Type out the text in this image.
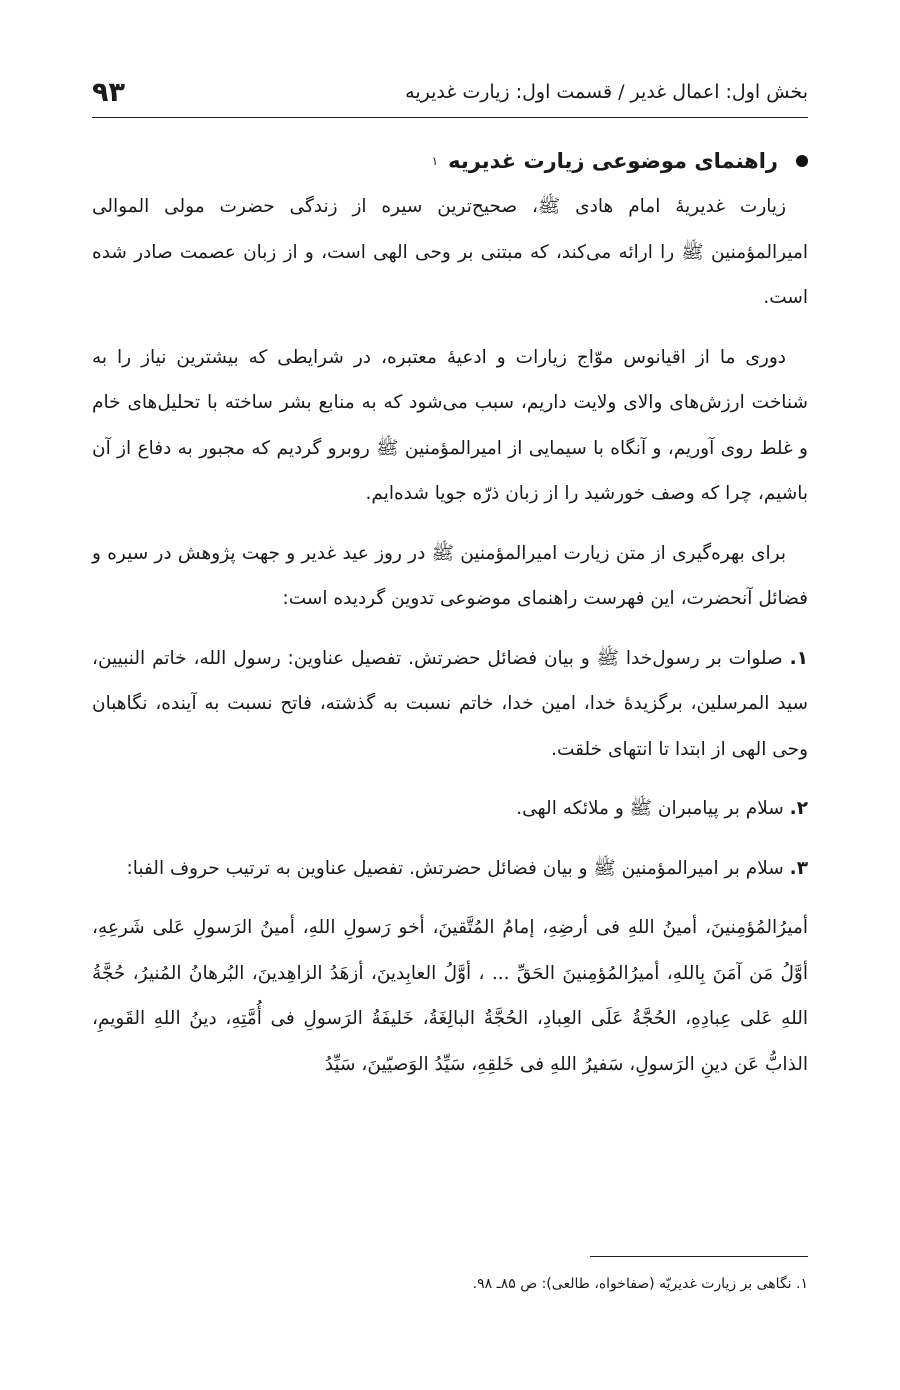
بخش اول: اعمال غدیر / قسمت اول: زیارت غدیریه
۹۳
راهنمای موضوعی زیارت غدیریه
۱

زیارت غدیریهٔ امام هادی ﷺ، صحیح‌ترین سیره از زندگی حضرت مولی الموالی امیرالمؤمنین ﷺ را ارائه می‌کند، که مبتنی بر وحی الهی است، و از زبان عصمت صادر شده است.

دوری ما از اقیانوس موّاج زیارات و ادعیهٔ معتبره، در شرایطی که بیشترین نیاز را به شناخت ارزش‌های والای ولایت داریم، سبب می‌شود که به منابع بشر ساخته با تحلیل‌های خام و غلط روی آوریم، و آنگاه با سیمایی از امیرالمؤمنین ﷺ روبرو گردیم که مجبور به دفاع از آن باشیم، چرا که وصف خورشید را از زبان ذرّه جویا شده‌ایم.

برای بهره‌گیری از متن زیارت امیرالمؤمنین ﷺ در روز عید غدیر و جهت پژوهش در سیره و فضائل آنحضرت، این فهرست راهنمای موضوعی تدوین گردیده است:

۱. صلوات بر رسول‌خدا ﷺ و بیان فضائل حضرتش. تفصیل عناوین: رسول الله، خاتم النبیین، سید المرسلین، برگزیدهٔ خدا، امین خدا، خاتم نسبت به گذشته، فاتح نسبت به آینده، نگاهبان وحی الهی از ابتدا تا انتهای خلقت.

۲. سلام بر پیامبران ﷺ و ملائکه الهی.

۳. سلام بر امیرالمؤمنین ﷺ و بیان فضائل حضرتش. تفصیل عناوین به ترتیب حروف الفبا:

أميرُالمُؤمِنينَ، أمينُ اللهِ فی أرضِهِ، إمامُ المُتَّقينَ، أخو رَسولِ اللهِ، أمينُ الرَسولِ عَلی شَرعِهِ، أوَّلُ مَن آمَنَ بِاللهِ، أميرُالمُؤمِنينَ الحَقِّ ... ، أوَّلُ العابِدينَ، أزهَدُ الزاهِدينَ، البُرهانُ المُنيرُ، حُجَّةُ اللهِ عَلی عِبادِهِ، الحُجَّةُ عَلَی العِبادِ، الحُجَّةُ البالِغَةُ، خَليفَةُ الرَسولِ فی أُمَّتِهِ، دينُ اللهِ القَويمِ، الذابُّ عَن دينِ الرَسولِ، سَفيرُ اللهِ فی خَلقِهِ، سَيِّدُ الوَصيّينَ، سَيِّدُ

۱. نگاهی بر زیارت غدیریّه (صفاخواه، طالعی): ص ۸۵ـ ۹۸.
